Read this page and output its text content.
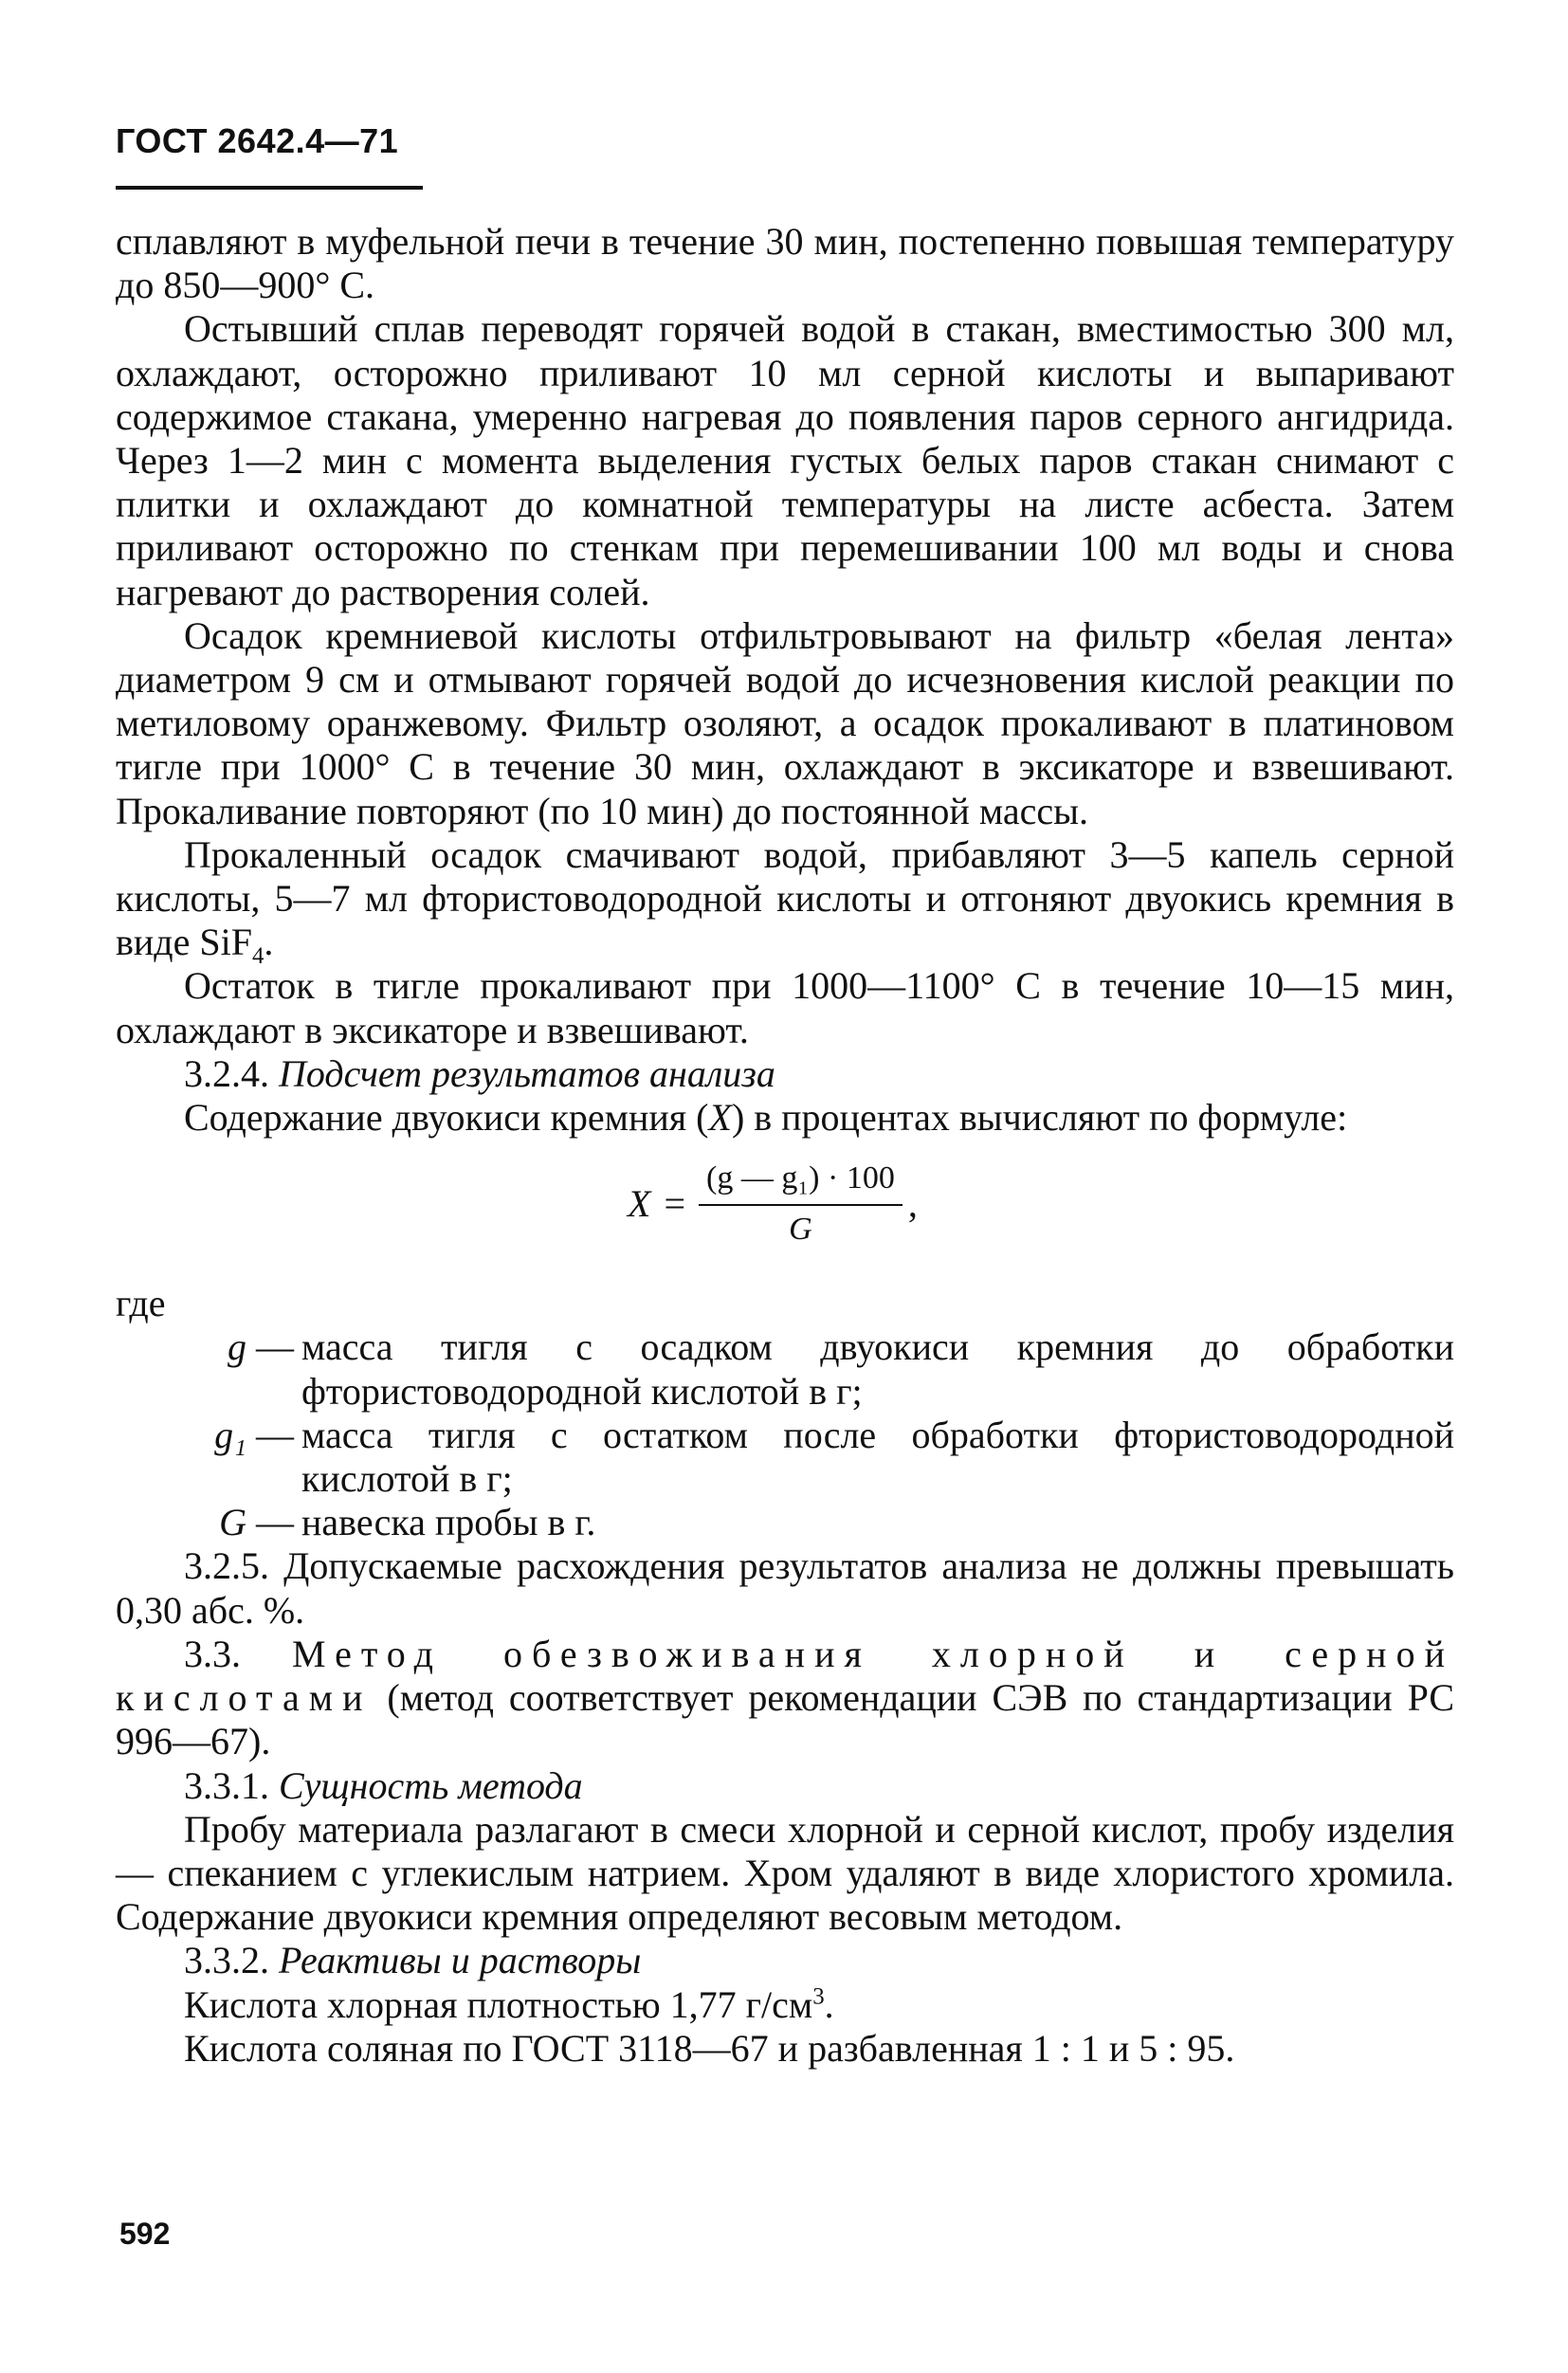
ГОСТ 2642.4—71

сплавляют в муфельной печи в течение 30 мин, постепенно повышая температуру до 850—900° С.

Остывший сплав переводят горячей водой в стакан, вместимостью 300 мл, охлаждают, осторожно приливают 10 мл серной кислоты и выпаривают содержимое стакана, умеренно нагревая до появления паров серного ангидрида. Через 1—2 мин с момента выделения густых белых паров стакан снимают с плитки и охлаждают до комнатной температуры на листе асбеста. Затем приливают осторожно по стенкам при перемешивании 100 мл воды и снова нагревают до растворения солей.

Осадок кремниевой кислоты отфильтровывают на фильтр «белая лента» диаметром 9 см и отмывают горячей водой до исчезновения кислой реакции по метиловому оранжевому. Фильтр озоляют, а осадок прокаливают в платиновом тигле при 1000° С в течение 30 мин, охлаждают в эксикаторе и взвешивают. Прокаливание повторяют (по 10 мин) до постоянной массы.

Прокаленный осадок смачивают водой, прибавляют 3—5 капель серной кислоты, 5—7 мл фтористоводородной кислоты и отгоняют двуокись кремния в виде SiF$_4$.

Остаток в тигле прокаливают при 1000—1100° С в течение 10—15 мин, охлаждают в эксикаторе и взвешивают.

3.2.4. Подсчет результатов анализа

Содержание двуокиси кремния (X) в процентах вычисляют по формуле:

$X = \frac{\text{(g — g₁) · 100}}{G}$ ,

где

g — масса тигля с осадком двуокиси кремния до обработки фтористоводородной кислотой в г;
g₁ — масса тигля с остатком после обработки фтористоводородной кислотой в г;
G — навеска пробы в г.

3.2.5. Допускаемые расхождения результатов анализа не должны превышать 0,30 абс. %.

3.3. Метод обезвоживания хлорной и серной кислотами (метод соответствует рекомендации СЭВ по стандартизации РС 996—67).

3.3.1. Сущность метода

Пробу материала разлагают в смеси хлорной и серной кислот, пробу изделия — спеканием с углекислым натрием. Хром удаляют в виде хлористого хромила. Содержание двуокиси кремния определяют весовым методом.

3.3.2. Реактивы и растворы

Кислота хлорная плотностью 1,77 $г/см^3$.

Кислота соляная по ГОСТ 3118—67 и разбавленная 1 : 1 и 5 : 95.

592
